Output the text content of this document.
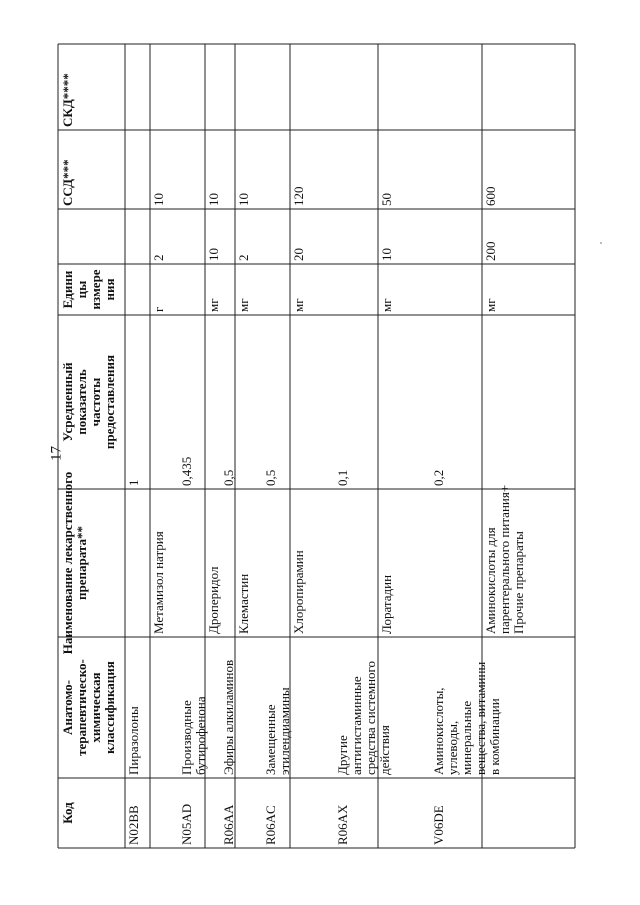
17
Код
Анатомо- терапевтическо- химическая классификация
Наименование лекарственного препарата**
Усредненный показатель частоты предоставления
Едини цы измере ния
ССД***
СКД****
N02BB
Пиразолоны
1
Метамизол натрия
г
2
10
N05AD
Производные бутирофенона
0,435
Дроперидол
мг
10
10
R06AA
Эфиры алкиламинов
0,5
Клемастин
мг
2
10
R06AC
Замещенные этилендиамины
0,5
Хлоропирамин
мг
20
120
R06AX
Другие антигистаминные средства системного действия
0,1
Лоратадин
мг
10
50
V06DE
Аминокислоты, углеводы, минеральные вещества, витамины в комбинации
0,2
Аминокислоты для парентерального питания+ Прочие препараты
мг
200
600
